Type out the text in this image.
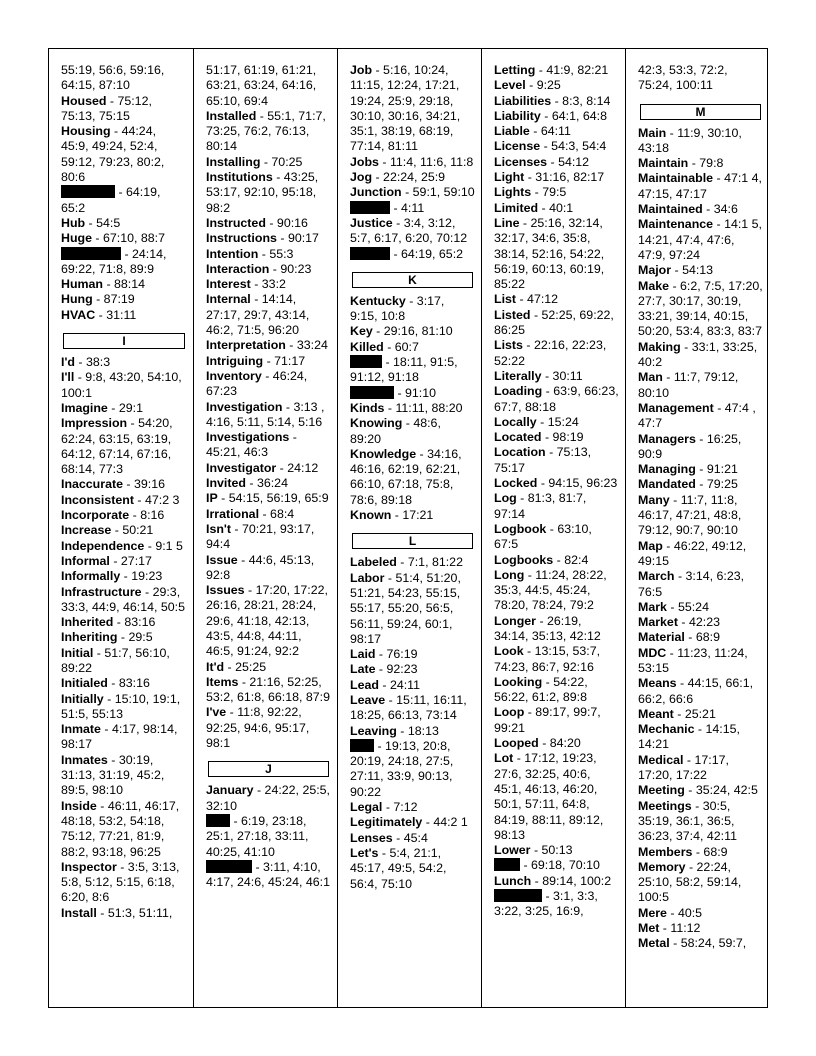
55:19, 56:6, 59:16, 64:15, 87:10
Housed - 75:12, 75:13, 75:15
Housing - 44:24, 45:9, 49:24, 52:4, 59:12, 79:23, 80:2, 80:6
- 64:19, 65:2
Hub - 54:5
Huge - 67:10, 88:7
- 24:14, 69:22, 71:8, 89:9
Human - 88:14
Hung - 87:19
HVAC - 31:11
I
I'd - 38:3
I'll - 9:8, 43:20, 54:10, 100:1
Imagine - 29:1
Impression - 54:20, 62:24, 63:15, 63:19, 64:12, 67:14, 67:16, 68:14, 77:3
Inaccurate - 39:16
Inconsistent - 47:2 3
Incorporate - 8:16
Increase - 50:21
Independence - 9:1 5
Informal - 27:17
Informally - 19:23
Infrastructure - 29:3, 33:3, 44:9, 46:14, 50:5
Inherited - 83:16
Inheriting - 29:5
Initial - 51:7, 56:10, 89:22
Initialed - 83:16
Initially - 15:10, 19:1, 51:5, 55:13
Inmate - 4:17, 98:14, 98:17
Inmates - 30:19, 31:13, 31:19, 45:2, 89:5, 98:10
Inside - 46:11, 46:17, 48:18, 53:2, 54:18, 75:12, 77:21, 81:9, 88:2, 93:18, 96:25
Inspector - 3:5, 3:13, 5:8, 5:12, 5:15, 6:18, 6:20, 8:6
Install - 51:3, 51:11,
51:17, 61:19, 61:21, 63:21, 63:24, 64:16, 65:10, 69:4
Installed - 55:1, 71:7, 73:25, 76:2, 76:13, 80:14
Installing - 70:25
Institutions - 43:25, 53:17, 92:10, 95:18, 98:2
Instructed - 90:16
Instructions - 90:17
Intention - 55:3
Interaction - 90:23
Interest - 33:2
Internal - 14:14, 27:17, 29:7, 43:14, 46:2, 71:5, 96:20
Interpretation - 33:24
Intriguing - 71:17
Inventory - 46:24, 67:23
Investigation - 3:13 , 4:16, 5:11, 5:14, 5:16
Investigations - 45:21, 46:3
Investigator - 24:12
Invited - 36:24
IP - 54:15, 56:19, 65:9
Irrational - 68:4
Isn't - 70:21, 93:17, 94:4
Issue - 44:6, 45:13, 92:8
Issues - 17:20, 17:22, 26:16, 28:21, 28:24, 29:6, 41:18, 42:13, 43:5, 44:8, 44:11, 46:5, 91:24, 92:2
It'd - 25:25
Items - 21:16, 52:25, 53:2, 61:8, 66:18, 87:9
I've - 11:8, 92:22, 92:25, 94:6, 95:17, 98:1
J
January - 24:22, 25:5, 32:10
- 6:19, 23:18, 25:1, 27:18, 33:11, 40:25, 41:10
- 3:11, 4:10, 4:17, 24:6, 45:24, 46:1
Job - 5:16, 10:24, 11:15, 12:24, 17:21, 19:24, 25:9, 29:18, 30:10, 30:16, 34:21, 35:1, 38:19, 68:19, 77:14, 81:11
Jobs - 11:4, 11:6, 11:8
Jog - 22:24, 25:9
Junction - 59:1, 59:10
- 4:11
Justice - 3:4, 3:12, 5:7, 6:17, 6:20, 70:12
- 64:19, 65:2
K
Kentucky - 3:17, 9:15, 10:8
Key - 29:16, 81:10
Killed - 60:7
- 18:11, 91:5, 91:12, 91:18
- 91:10
Kinds - 11:11, 88:20
Knowing - 48:6, 89:20
Knowledge - 34:16, 46:16, 62:19, 62:21, 66:10, 67:18, 75:8, 78:6, 89:18
Known - 17:21
L
Labeled - 7:1, 81:22
Labor - 51:4, 51:20, 51:21, 54:23, 55:15, 55:17, 55:20, 56:5, 56:11, 59:24, 60:1, 98:17
Laid - 76:19
Late - 92:23
Lead - 24:11
Leave - 15:11, 16:11, 18:25, 66:13, 73:14
Leaving - 18:13
- 19:13, 20:8, 20:19, 24:18, 27:5, 27:11, 33:9, 90:13, 90:22
Legal - 7:12
Legitimately - 44:2 1
Lenses - 45:4
Let's - 5:4, 21:1, 45:17, 49:5, 54:2, 56:4, 75:10
Letting - 41:9, 82:21
Level - 9:25
Liabilities - 8:3, 8:14
Liability - 64:1, 64:8
Liable - 64:11
License - 54:3, 54:4
Licenses - 54:12
Light - 31:16, 82:17
Lights - 79:5
Limited - 40:1
Line - 25:16, 32:14, 32:17, 34:6, 35:8, 38:14, 52:16, 54:22, 56:19, 60:13, 60:19, 85:22
List - 47:12
Listed - 52:25, 69:22, 86:25
Lists - 22:16, 22:23, 52:22
Literally - 30:11
Loading - 63:9, 66:23, 67:7, 88:18
Locally - 15:24
Located - 98:19
Location - 75:13, 75:17
Locked - 94:15, 96:23
Log - 81:3, 81:7, 97:14
Logbook - 63:10, 67:5
Logbooks - 82:4
Long - 11:24, 28:22, 35:3, 44:5, 45:24, 78:20, 78:24, 79:2
Longer - 26:19, 34:14, 35:13, 42:12
Look - 13:15, 53:7, 74:23, 86:7, 92:16
Looking - 54:22, 56:22, 61:2, 89:8
Loop - 89:17, 99:7, 99:21
Looped - 84:20
Lot - 17:12, 19:23, 27:6, 32:25, 40:6, 45:1, 46:13, 46:20, 50:1, 57:11, 64:8, 84:19, 88:11, 89:12, 98:13
Lower - 50:13
- 69:18, 70:10
Lunch - 89:14, 100:2
- 3:1, 3:3, 3:22, 3:25, 16:9,
42:3, 53:3, 72:2, 75:24, 100:11
M
Main - 11:9, 30:10, 43:18
Maintain - 79:8
Maintainable - 47:1 4, 47:15, 47:17
Maintained - 34:6
Maintenance - 14:1 5, 14:21, 47:4, 47:6, 47:9, 97:24
Major - 54:13
Make - 6:2, 7:5, 17:20, 27:7, 30:17, 30:19, 33:21, 39:14, 40:15, 50:20, 53:4, 83:3, 83:7
Making - 33:1, 33:25, 40:2
Man - 11:7, 79:12, 80:10
Management - 47:4 , 47:7
Managers - 16:25, 90:9
Managing - 91:21
Mandated - 79:25
Many - 11:7, 11:8, 46:17, 47:21, 48:8, 79:12, 90:7, 90:10
Map - 46:22, 49:12, 49:15
March - 3:14, 6:23, 76:5
Mark - 55:24
Market - 42:23
Material - 68:9
MDC - 11:23, 11:24, 53:15
Means - 44:15, 66:1, 66:2, 66:6
Meant - 25:21
Mechanic - 14:15, 14:21
Medical - 17:17, 17:20, 17:22
Meeting - 35:24, 42:5
Meetings - 30:5, 35:19, 36:1, 36:5, 36:23, 37:4, 42:11
Members - 68:9
Memory - 22:24, 25:10, 58:2, 59:14, 100:5
Mere - 40:5
Met - 11:12
Metal - 58:24, 59:7,
